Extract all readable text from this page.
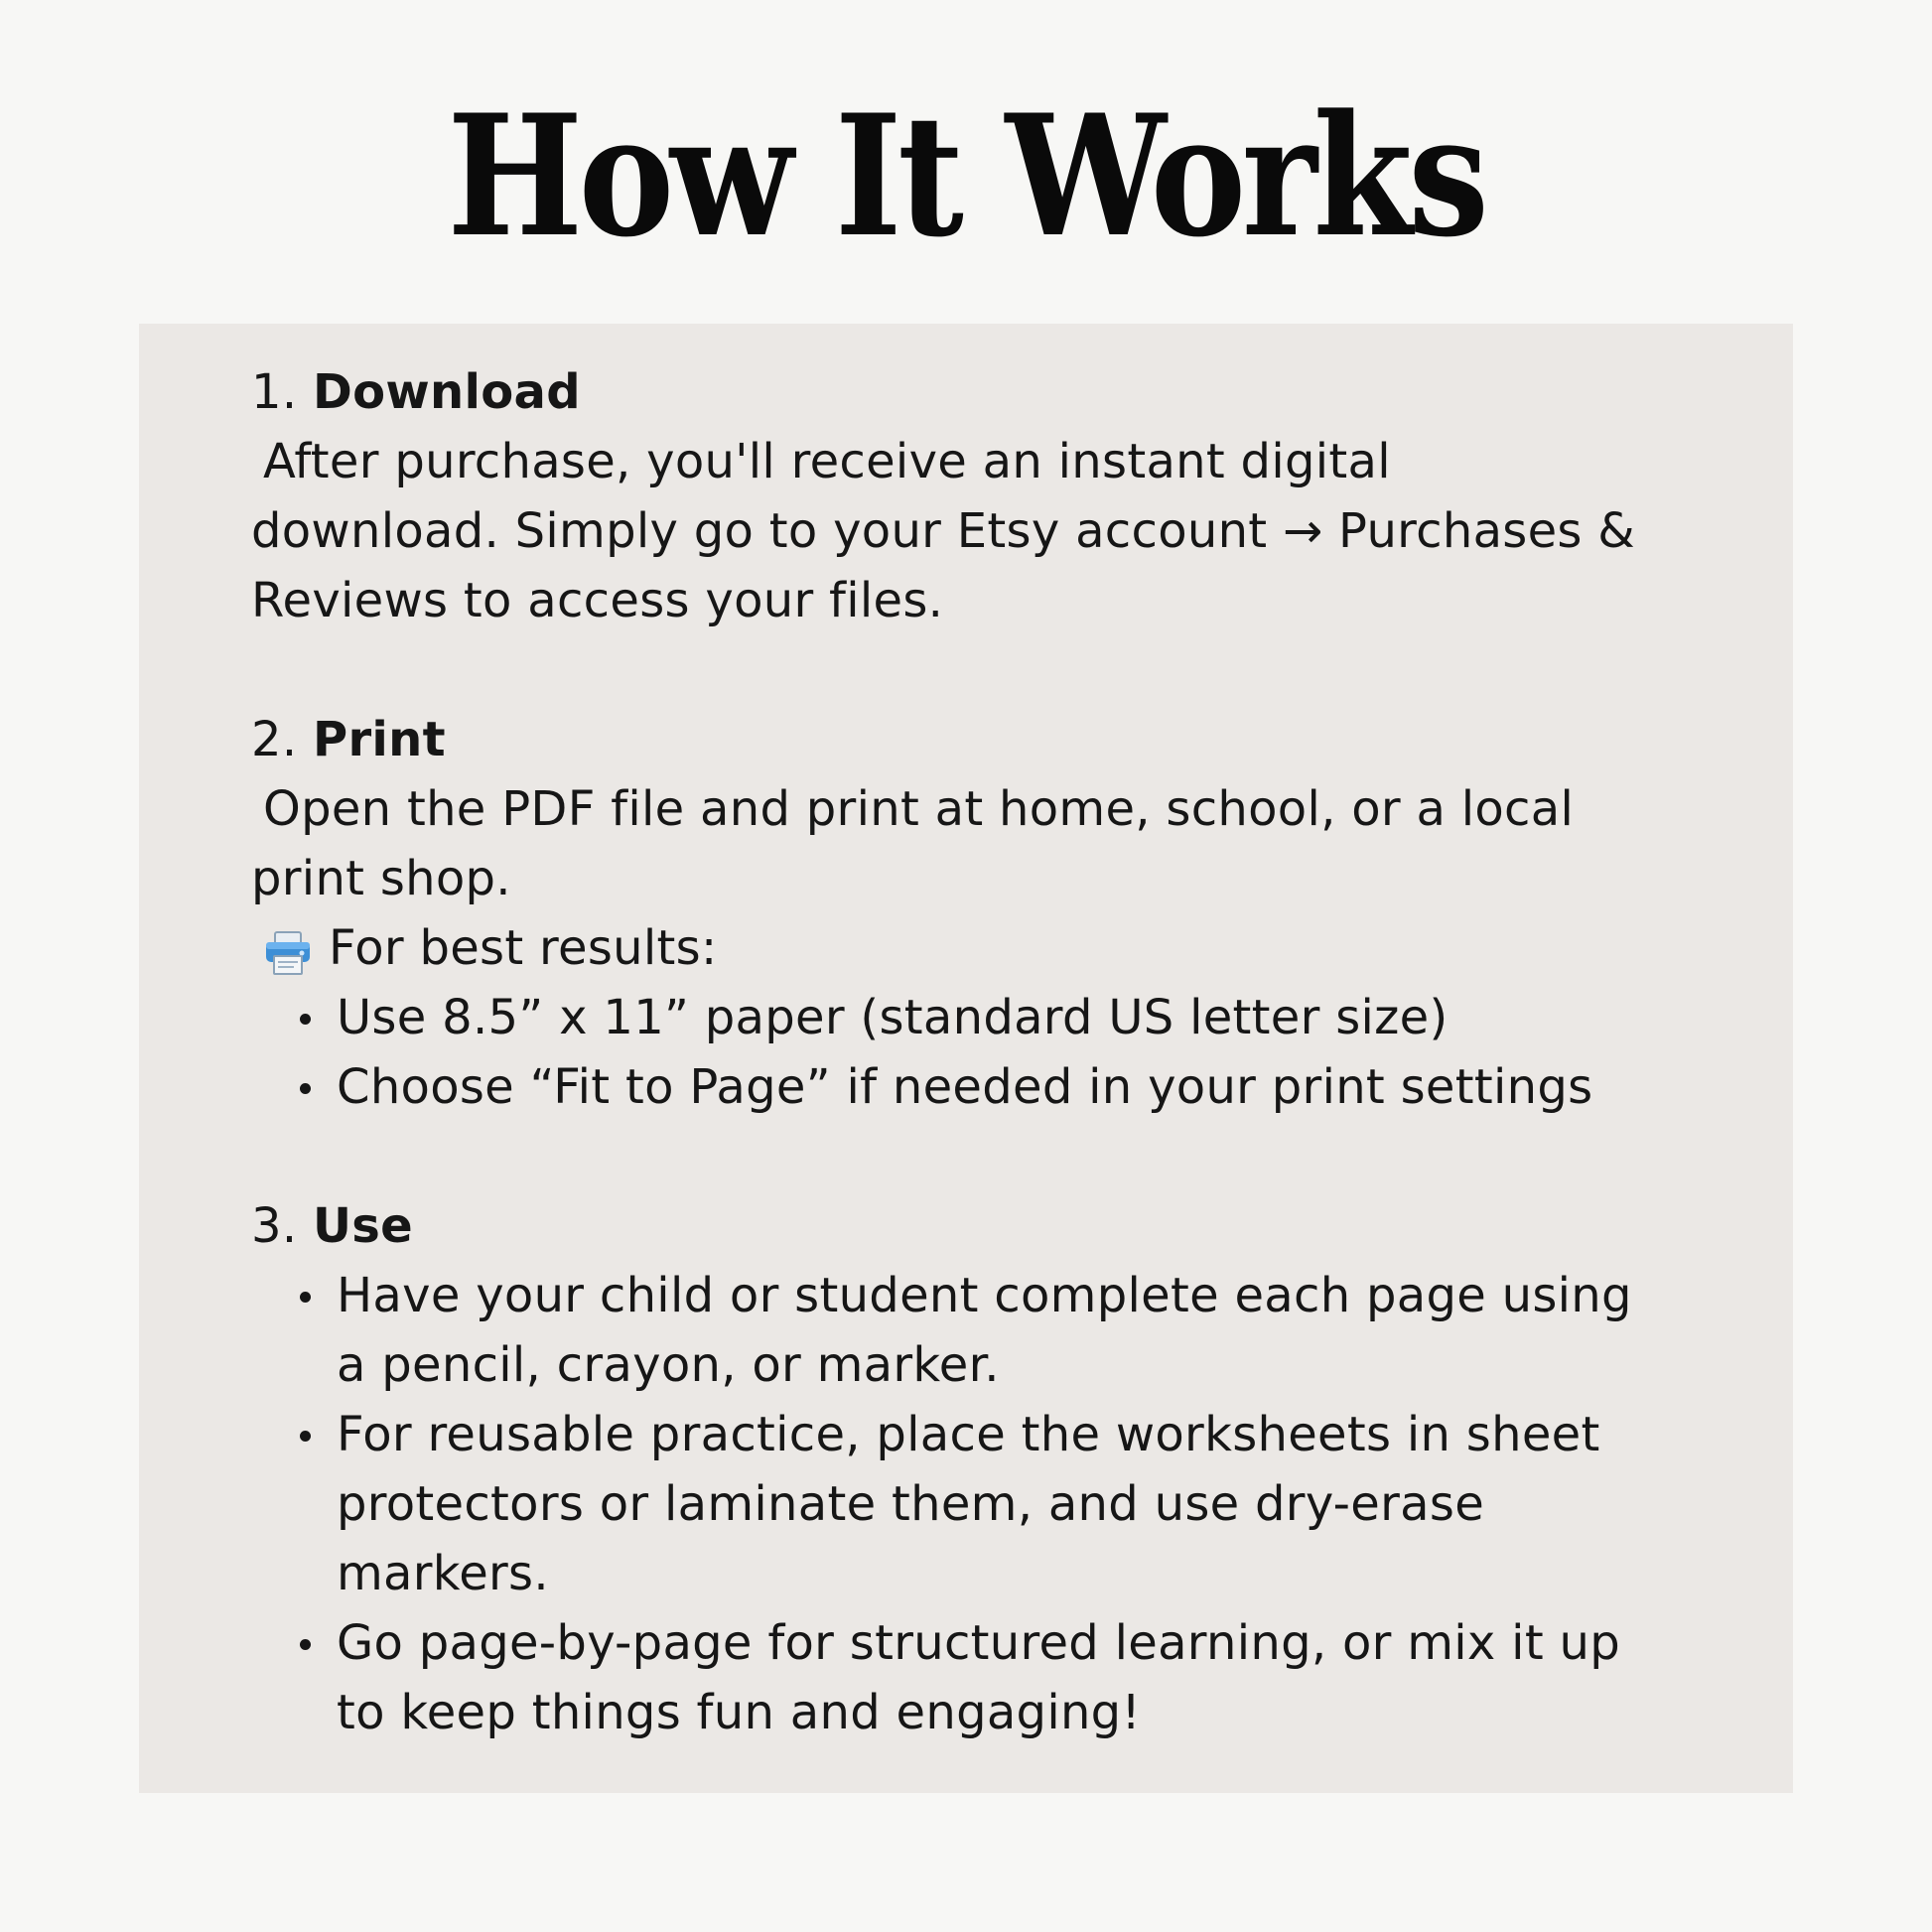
How It Works
1. Download
After purchase, you'll receive an instant digital
download. Simply go to your Etsy account → Purchases &
Reviews to access your files.
2. Print
Open the PDF file and print at home, school, or a local
print shop.
For best results:
Use 8.5” x 11” paper (standard US letter size)
Choose “Fit to Page” if needed in your print settings
3. Use
Have your child or student complete each page using
a pencil, crayon, or marker.
For reusable practice, place the worksheets in sheet
protectors or laminate them, and use dry-erase
markers.
Go page-by-page for structured learning, or mix it up
to keep things fun and engaging!
